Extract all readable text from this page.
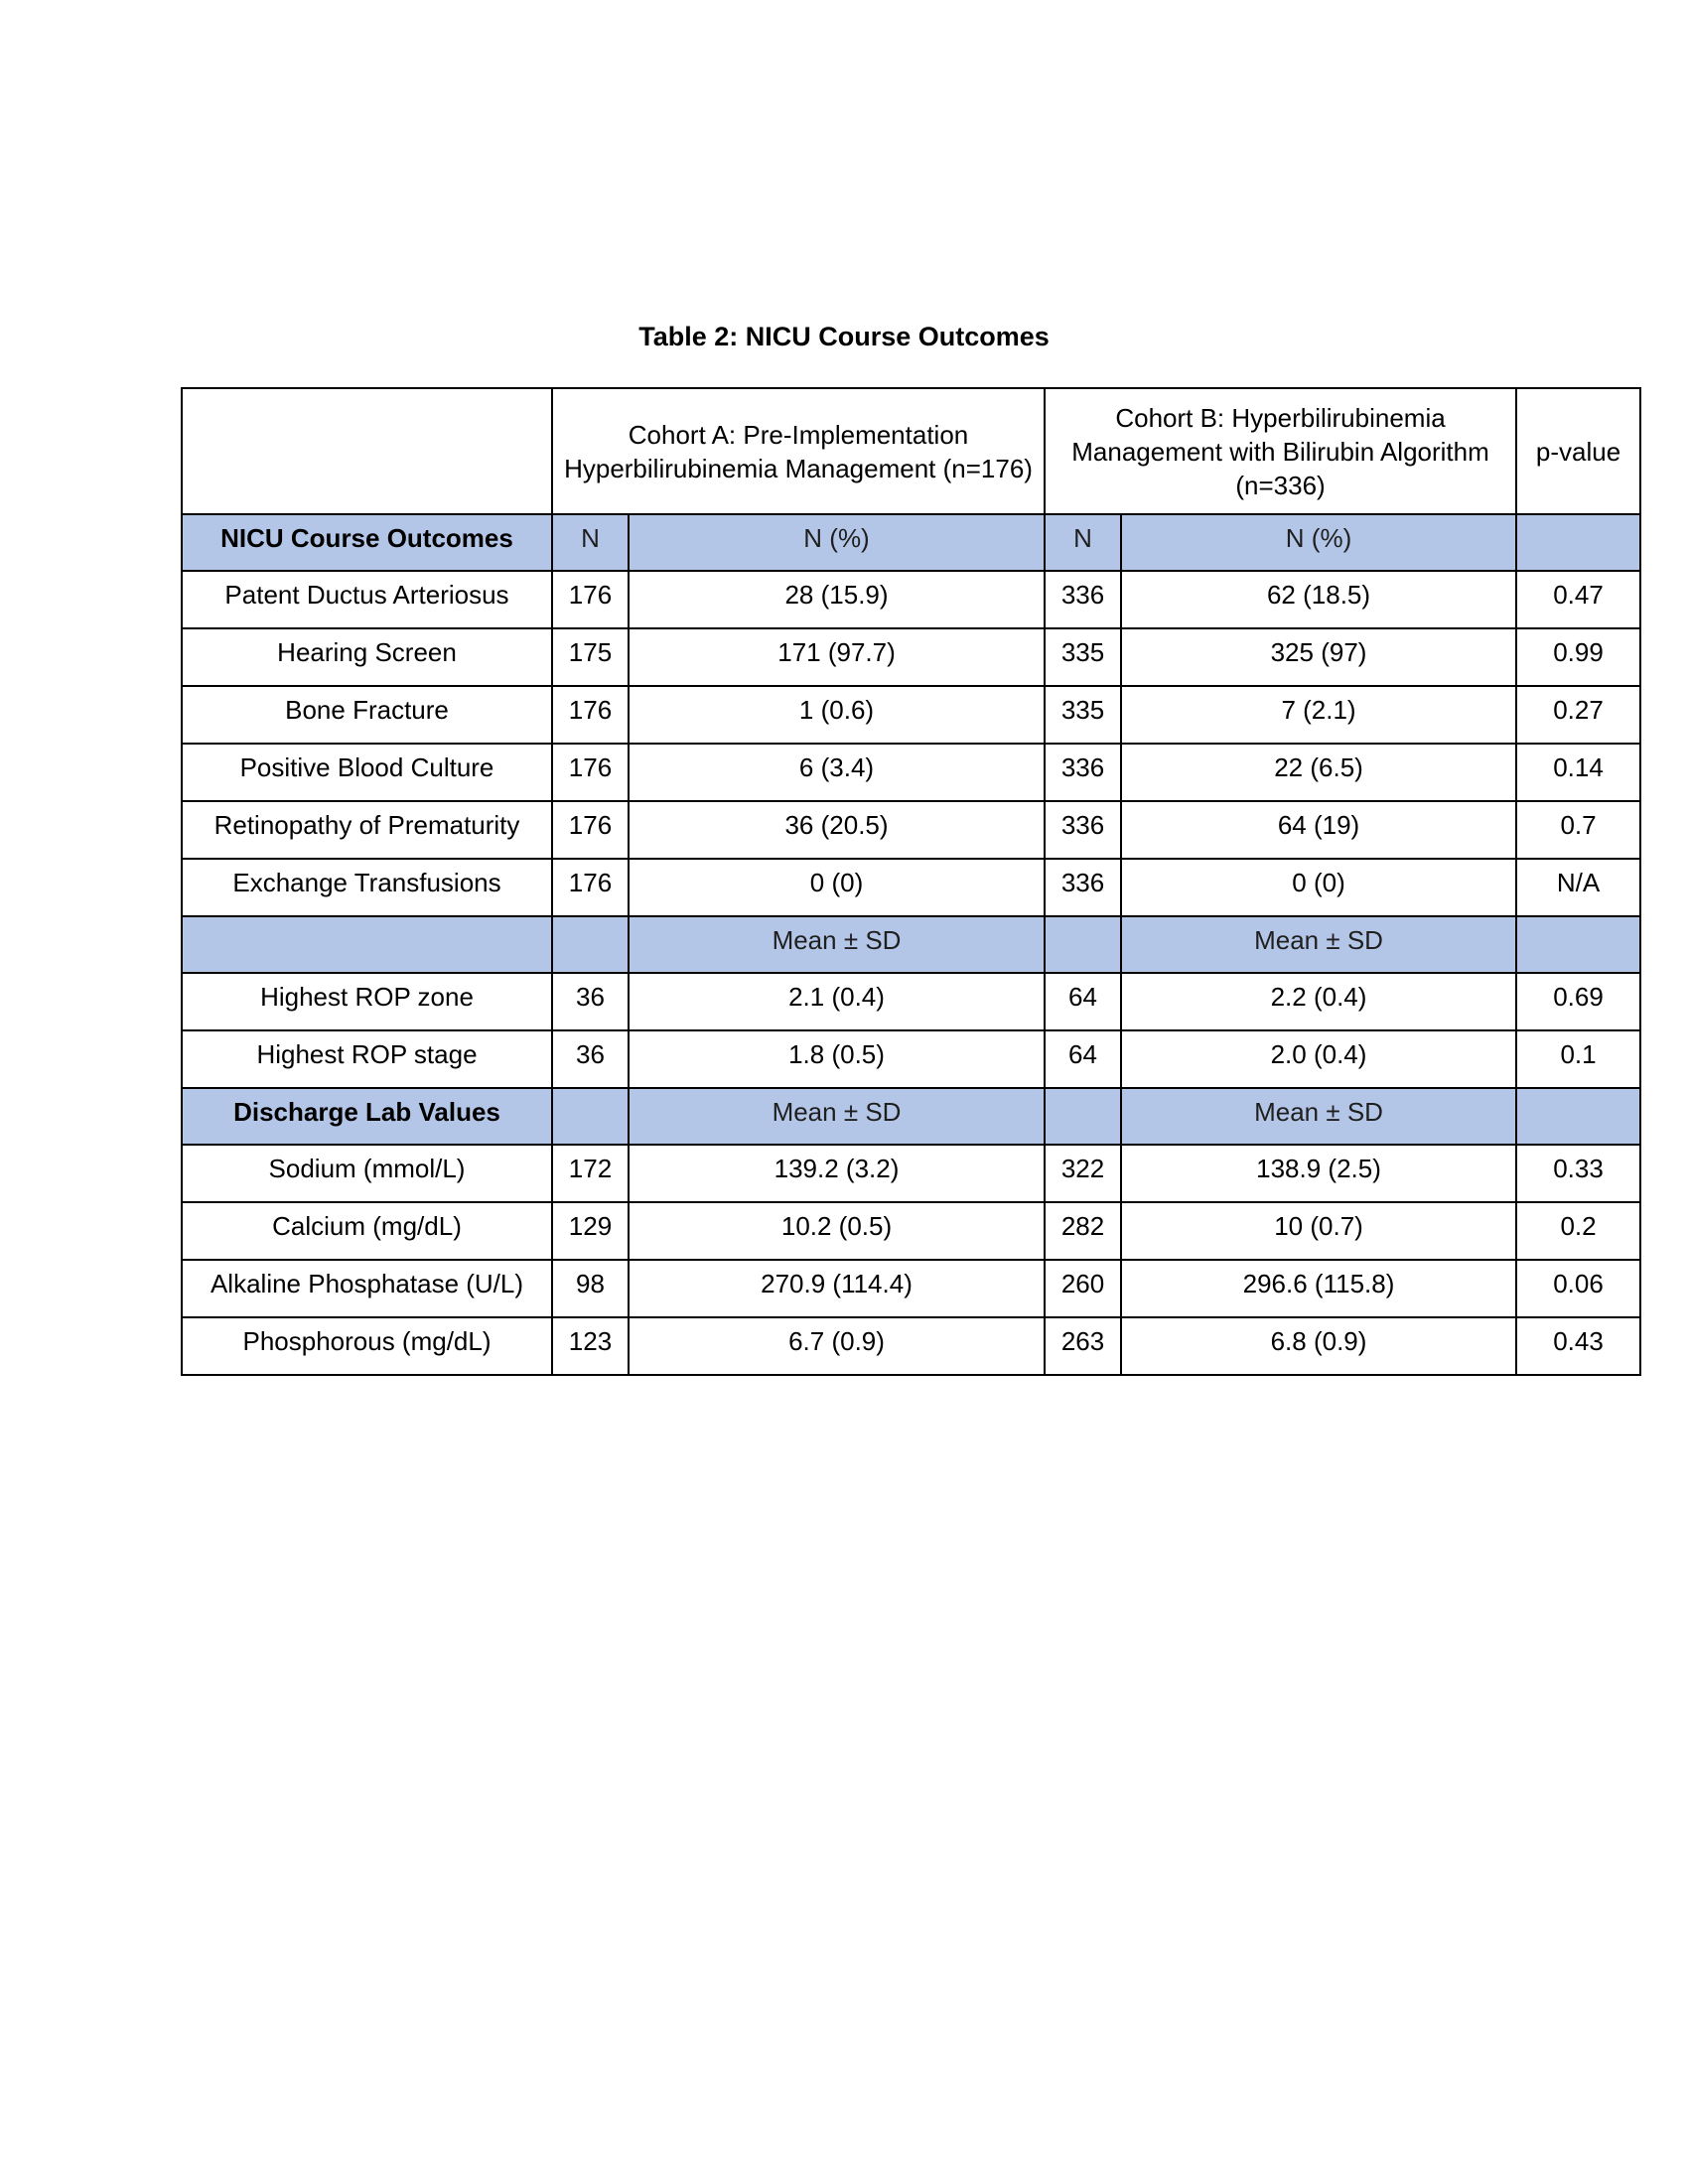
Table 2: NICU Course Outcomes
	Cohort A: Pre-Implementation Hyperbilirubinemia Management (n=176)		Cohort B: Hyperbilirubinemia Management with Bilirubin Algorithm (n=336)		p-value
NICU Course Outcomes	N	N (%)	N	N (%)	
Patent Ductus Arteriosus	176	28 (15.9)	336	62 (18.5)	0.47
Hearing Screen	175	171 (97.7)	335	325 (97)	0.99
Bone Fracture	176	1 (0.6)	335	7 (2.1)	0.27
Positive Blood Culture	176	6 (3.4)	336	22 (6.5)	0.14
Retinopathy of Prematurity	176	36 (20.5)	336	64 (19)	0.7
Exchange Transfusions	176	0 (0)	336	0 (0)	N/A
		Mean ± SD		Mean ± SD	
Highest ROP zone	36	2.1 (0.4)	64	2.2 (0.4)	0.69
Highest ROP stage	36	1.8 (0.5)	64	2.0 (0.4)	0.1
Discharge Lab Values		Mean ± SD		Mean ± SD	
Sodium (mmol/L)	172	139.2 (3.2)	322	138.9 (2.5)	0.33
Calcium (mg/dL)	129	10.2 (0.5)	282	10 (0.7)	0.2
Alkaline Phosphatase (U/L)	98	270.9 (114.4)	260	296.6 (115.8)	0.06
Phosphorous (mg/dL)	123	6.7 (0.9)	263	6.8 (0.9)	0.43
